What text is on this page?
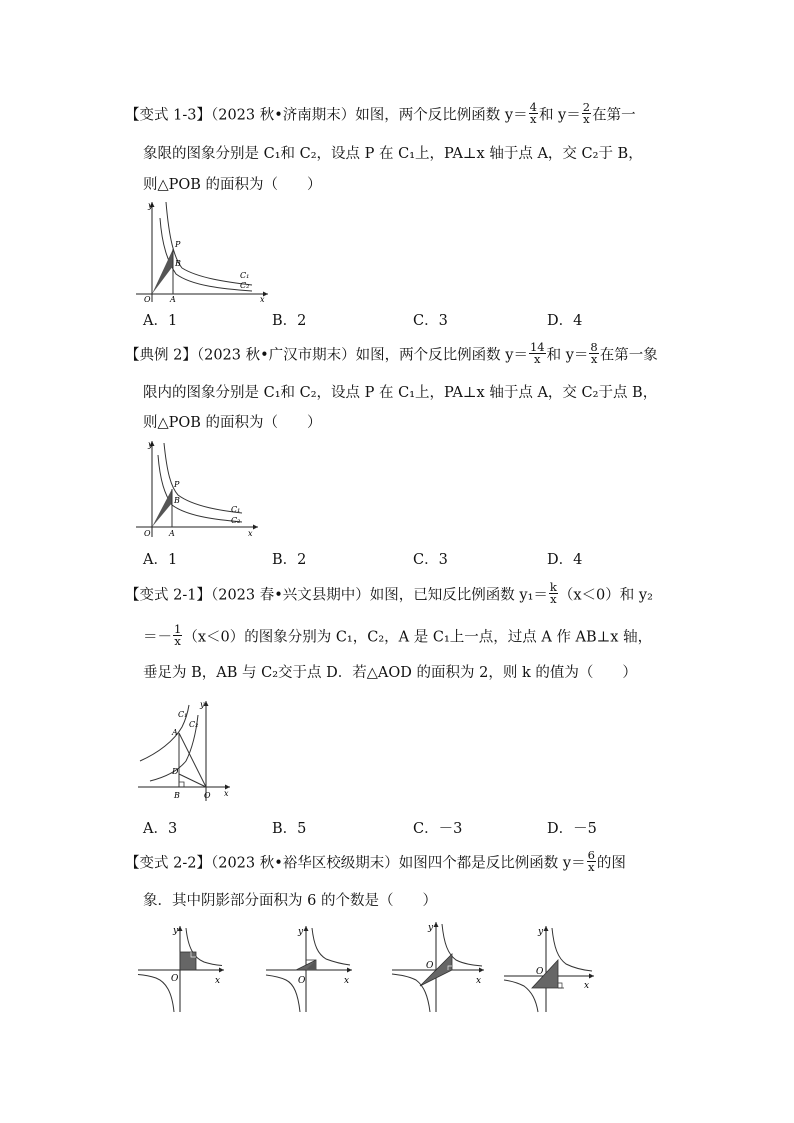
【变式 1-3】（2023 秋•济南期末）如图，两个反比例函数 $y= \frac{4}{x}$ 和 $y= \frac{2}{x}$ 在第一
象限的图象分别是 C₁和 C₂，设点 P 在 C₁上，PA⊥x 轴于点 A，交 C₂于 B，
则△POB 的面积为（　　）
y
x
O A
B
P
C₁
C₂
A．1	B．2	C．3	D．4
【典例 2】（2023 秋•广汉市期末）如图，两个反比例函数 $y= \frac{14}{x}$ 和 $y= \frac{8}{x}$ 在第一象
限内的图象分别是 C₁和 C₂，设点 P 在 C₁上，PA⊥x 轴于点 A，交 C₂于点 B，
则△POB 的面积为（　　）
y
x
O A
B
P
C₁
C₂
A．1	B．2	C．3	D．4
【变式 2-1】（2023 春•兴文县期中）如图，已知反比例函数 $y_1= \frac{k}{x} (x<0)$和 y₂
＝－ $\frac{1}{x} (x<0)$的图象分别为 C₁，C₂，A 是 C₁上一点，过点 A 作 AB⊥x 轴，
垂足为 B，AB 与 C₂交于点 D．若△AOD 的面积为 2，则 k 的值为（　　）
y
x
O
B
A
D
C₁
C₂
A．3	B．5	C．－3	D．－5
【变式 2-2】（2023 秋•裕华区校级期末）如图四个都是反比例函数 $y= \frac{6}{x}$ 的图
象．其中阴影部分面积为 6 的个数是（　　）
y
x
O
y
x
O
y
x
O
y
x
O
